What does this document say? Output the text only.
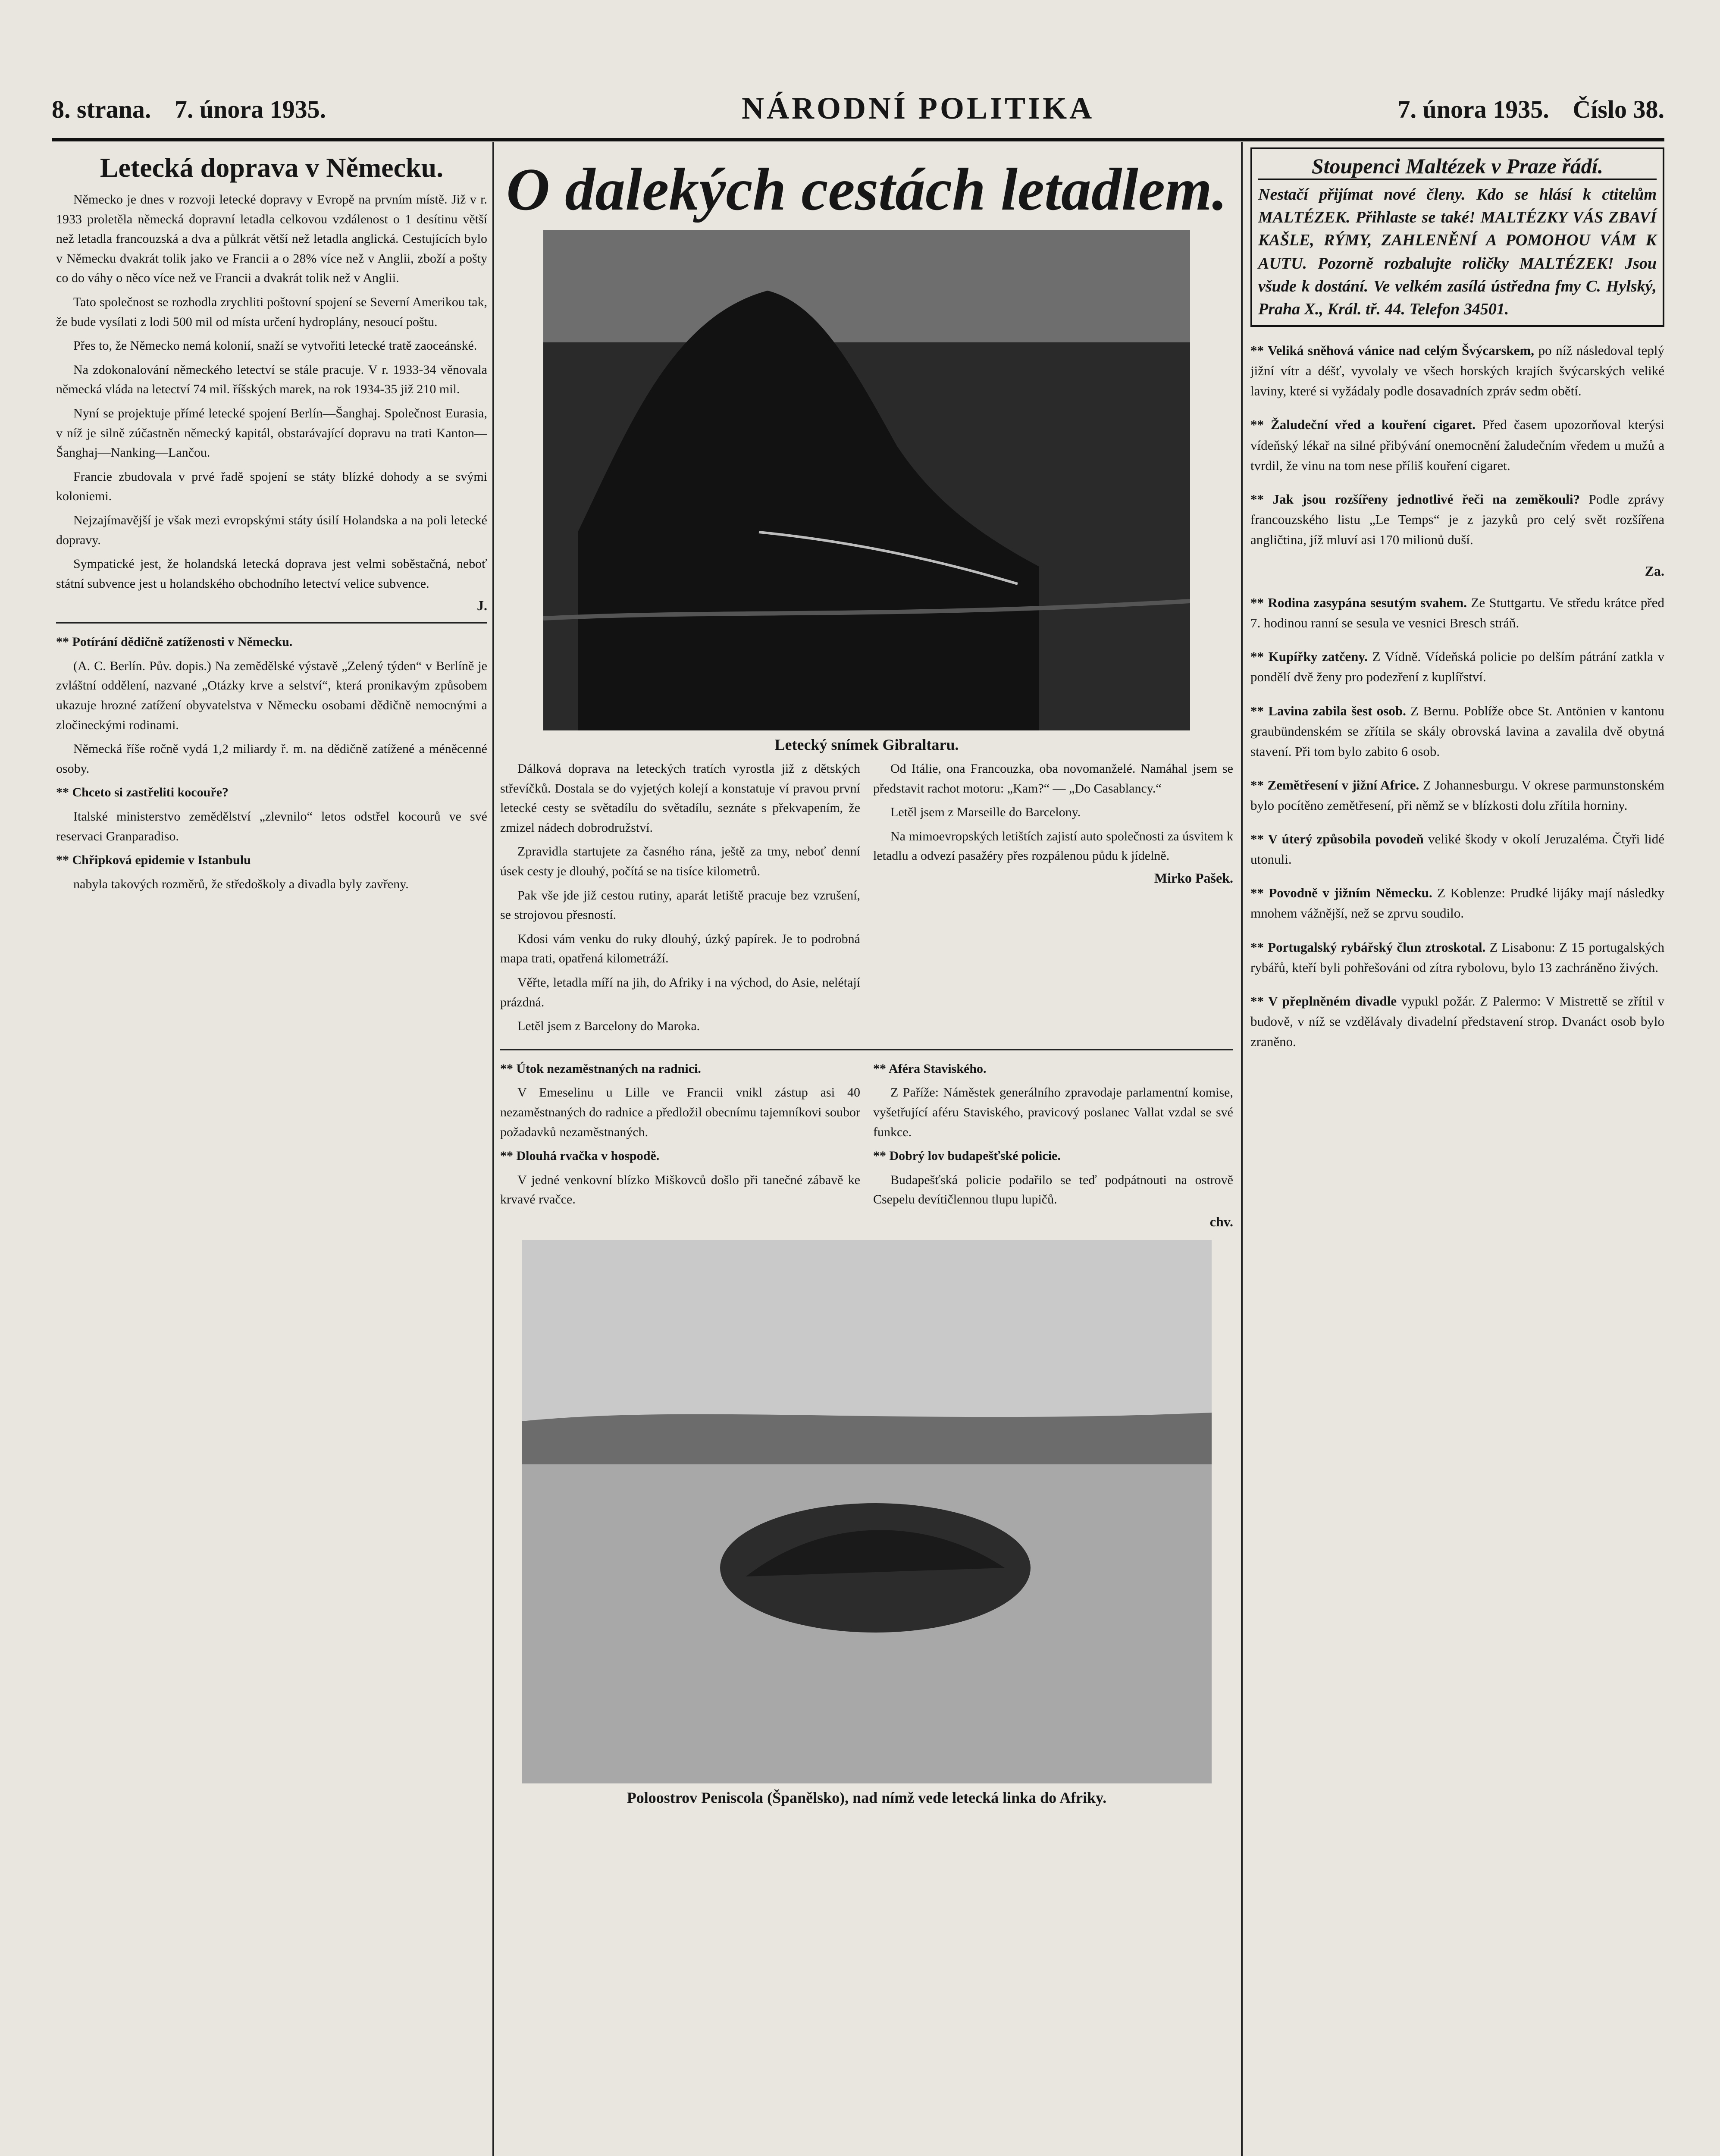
8. strana. 7. února 1935.	NÁRODNÍ POLITIKA	7. února 1935. Číslo 38.
Letecká doprava v Německu.

Německo je dnes v rozvoji letecké dopravy v Evropě na prvním místě. Již v r. 1933 proletěla německá dopravní letadla celkovou vzdálenost o 1 desítinu větší než letadla francouzská a dva a půlkrát větší než letadla anglická. Cestujících bylo v Německu dvakrát tolik jako ve Francii a o 28% více než v Anglii, zboží a pošty co do váhy o něco více než ve Francii a dvakrát tolik než v Anglii.

Tato společnost se rozhodla zrychliti poštovní spojení se Severní Amerikou tak, že bude vysílati z lodi 500 mil od místa určení hydroplány, nesoucí poštu.

Přes to, že Německo nemá kolonií, snaží se vytvořiti letecké tratě zaoceánské.

Na zdokonalování německého letectví se stále pracuje. V r. 1933-34 věnovala německá vláda na letectví 74 mil. říšských marek, na rok 1934-35 již 210 mil.

Nyní se projektuje přímé letecké spojení Berlín—Šanghaj. Společnost Eurasia, v níž je silně zúčastněn německý kapitál, obstarávající dopravu na trati Kanton—Šanghaj—Nanking—Lančou.

Francie zbudovala v prvé řadě spojení se státy blízké dohody a se svými koloniemi.

Nejzajímavější je však mezi evropskými státy úsilí Holandska a na poli letecké dopravy.

Sympatické jest, že holandská letecká doprava jest velmi soběstačná, neboť státní subvence jest u holandského obchodního letectví velice subvence.

J.

** Potírání dědičně zatíženosti v Německu.

(A. C. Berlín. Pův. dopis.) Na zemědělské výstavě „Zelený týden“ v Berlíně je zvláštní oddělení, nazvané „Otázky krve a selství“, která pronikavým způsobem ukazuje hrozné zatížení obyvatelstva v Německu osobami dědičně nemocnými a zločineckými rodinami.

Německá říše ročně vydá 1,2 miliardy ř. m. na dědičně zatížené a méněcenné osoby.

** Chceto si zastřeliti kocouře?

Italské ministerstvo zemědělství „zlevnilo“ letos odstřel kocourů ve své reservaci Granparadiso.

** Chřipková epidemie v Istanbulu

nabyla takových rozměrů, že středoškoly a divadla byly zavřeny.

O dalekých cestách letadlem.
Letecký snímek Gibraltaru.

Dálková doprava na leteckých tratích vyrostla již z dětských střevíčků. Dostala se do vyjetých kolejí a konstatuje ví pravou první letecké cesty se světadílu do světadílu, seznáte s překvapením, že zmizel nádech dobrodružství.

Zpravidla startujete za časného rána, ještě za tmy, neboť denní úsek cesty je dlouhý, počítá se na tisíce kilometrů.

Pak vše jde již cestou rutiny, aparát letiště pracuje bez vzrušení, se strojovou přesností.

Kdosi vám venku do ruky dlouhý, úzký papírek. Je to podrobná mapa trati, opatřená kilometráží.

Věřte, letadla míří na jih, do Afriky i na východ, do Asie, nelétají prázdná.

Letěl jsem z Barcelony do Maroka.

Od Itálie, ona Francouzka, oba novomanželé. Namáhal jsem se představit rachot motoru: „Kam?“ — „Do Casablancy.“

Letěl jsem z Marseille do Barcelony.

Na mimoevropských letištích zajistí auto společnosti za úsvitem k letadlu a odvezí pasažéry přes rozpálenou půdu k jídelně.

Mirko Pašek.

** Útok nezaměstnaných na radnici.

V Emeselinu u Lille ve Francii vnikl zástup asi 40 nezaměstnaných do radnice a předložil obecnímu tajemníkovi soubor požadavků nezaměstnaných.

** Dlouhá rvačka v hospodě.

V jedné venkovní blízko Miškovců došlo při tanečné zábavě ke krvavé rvačce.

** Aféra Staviského.

Z Paříže: Náměstek generálního zpravodaje parlamentní komise, vyšetřující aféru Staviského, pravicový poslanec Vallat vzdal se své funkce.

** Dobrý lov budapešťské policie.

Budapešťská policie podařilo se teď podpátnouti na ostrově Csepelu devítičlennou tlupu lupičů.

chv.
Poloostrov Peniscola (Španělsko), nad nímž vede letecká linka do Afriky.
Stoupenci Maltézek v Praze řádí.
Nestačí přijímat nové členy. Kdo se hlásí k ctitelům MALTÉZEK. Přihlaste se také! MALTÉZKY VÁS ZBAVÍ KAŠLE, RÝMY, ZAHLENĚNÍ A POMOHOU VÁM K AUTU. Pozorně rozbalujte roličky MALTÉZEK! Jsou všude k dostání. Ve velkém zasílá ústředna fmy C. Hylský, Praha X., Král. tř. 44. Telefon 34501.

** Veliká sněhová vánice nad celým Švýcarskem, po níž následoval teplý jižní vítr a déšť, vyvolaly ve všech horských krajích švýcarských veliké laviny, které si vyžádaly podle dosavadních zpráv sedm obětí.

** Žaludeční vřed a kouření cigaret. Před časem upozorňoval kterýsi vídeňský lékař na silné přibývání onemocnění žaludečním vředem u mužů a tvrdil, že vinu na tom nese příliš kouření cigaret.

** Jak jsou rozšířeny jednotlivé řeči na zeměkouli? Podle zprávy francouzského listu „Le Temps“ je z jazyků pro celý svět rozšířena angličtina, jíž mluví asi 170 milionů duší.

Za.

** Rodina zasypána sesutým svahem. Ze Stuttgartu. Ve středu krátce před 7. hodinou ranní se sesula ve vesnici Bresch stráň.

** Kupířky zatčeny. Z Vídně. Vídeňská policie po delším pátrání zatkla v pondělí dvě ženy pro podezření z kuplířství.

** Lavina zabila šest osob. Z Bernu. Poblíže obce St. Antönien v kantonu graubündenském se zřítila se skály obrovská lavina a zavalila dvě obytná stavení. Při tom bylo zabito 6 osob.

** Zemětřesení v jižní Africe. Z Johannesburgu. V okrese parmunstonském bylo pocítěno zemětřesení, při němž se v blízkosti dolu zřítila horniny.

** V úterý způsobila povodeň veliké škody v okolí Jeruzaléma. Čtyři lidé utonuli.

** Povodně v jižním Německu. Z Koblenze: Prudké lijáky mají následky mnohem vážnější, než se zprvu soudilo.

** Portugalský rybářský člun ztroskotal. Z Lisabonu: Z 15 portugalských rybářů, kteří byli pohřešováni od zítra rybolovu, bylo 13 zachráněno živých.

** V přeplněném divadle vypukl požár. Z Palermo: V Mistrettě se zřítil v budově, v níž se vzdělávaly divadelní představení strop. Dvanáct osob bylo zraněno.
